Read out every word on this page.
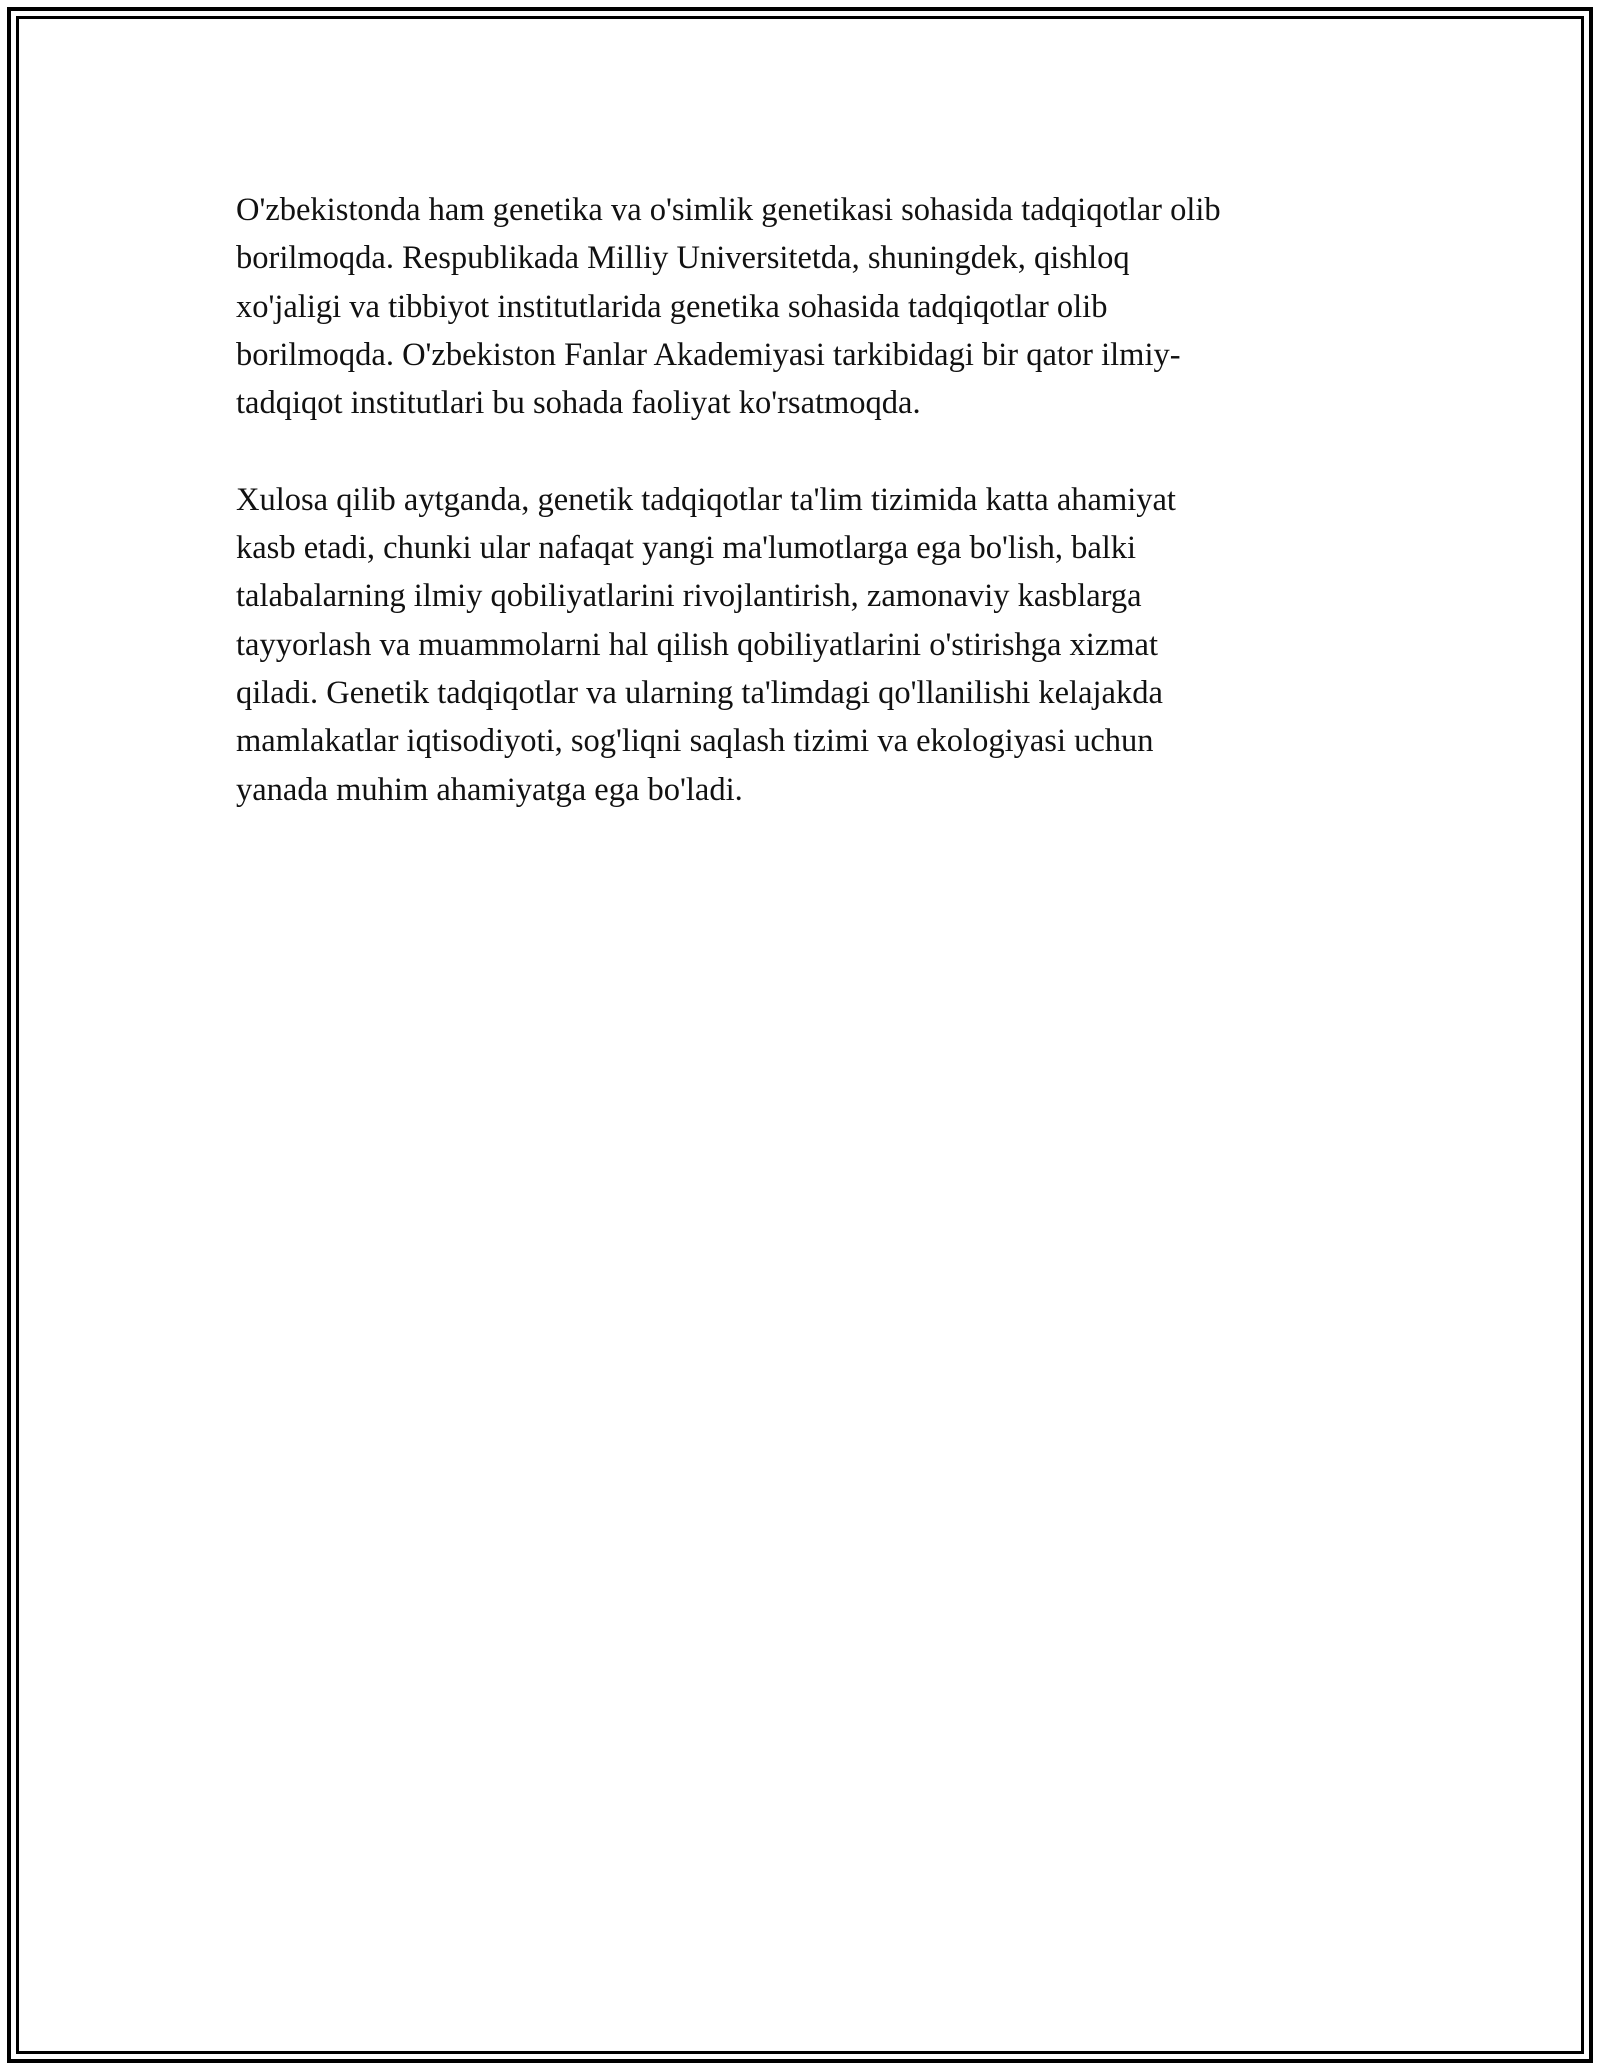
O'zbekistonda ham genetika va o'simlik genetikasi sohasida tadqiqotlar olib
borilmoqda. Respublikada Milliy Universitetda, shuningdek, qishloq
xo'jaligi va tibbiyot institutlarida genetika sohasida tadqiqotlar olib
borilmoqda. O'zbekiston Fanlar Akademiyasi tarkibidagi bir qator ilmiy-
tadqiqot institutlari bu sohada faoliyat ko'rsatmoqda.

Xulosa qilib aytganda, genetik tadqiqotlar ta'lim tizimida katta ahamiyat
kasb etadi, chunki ular nafaqat yangi ma'lumotlarga ega bo'lish, balki
talabalarning ilmiy qobiliyatlarini rivojlantirish, zamonaviy kasblarga
tayyorlash va muammolarni hal qilish qobiliyatlarini o'stirishga xizmat
qiladi. Genetik tadqiqotlar va ularning ta'limdagi qo'llanilishi kelajakda
mamlakatlar iqtisodiyoti, sog'liqni saqlash tizimi va ekologiyasi uchun
yanada muhim ahamiyatga ega bo'ladi.
